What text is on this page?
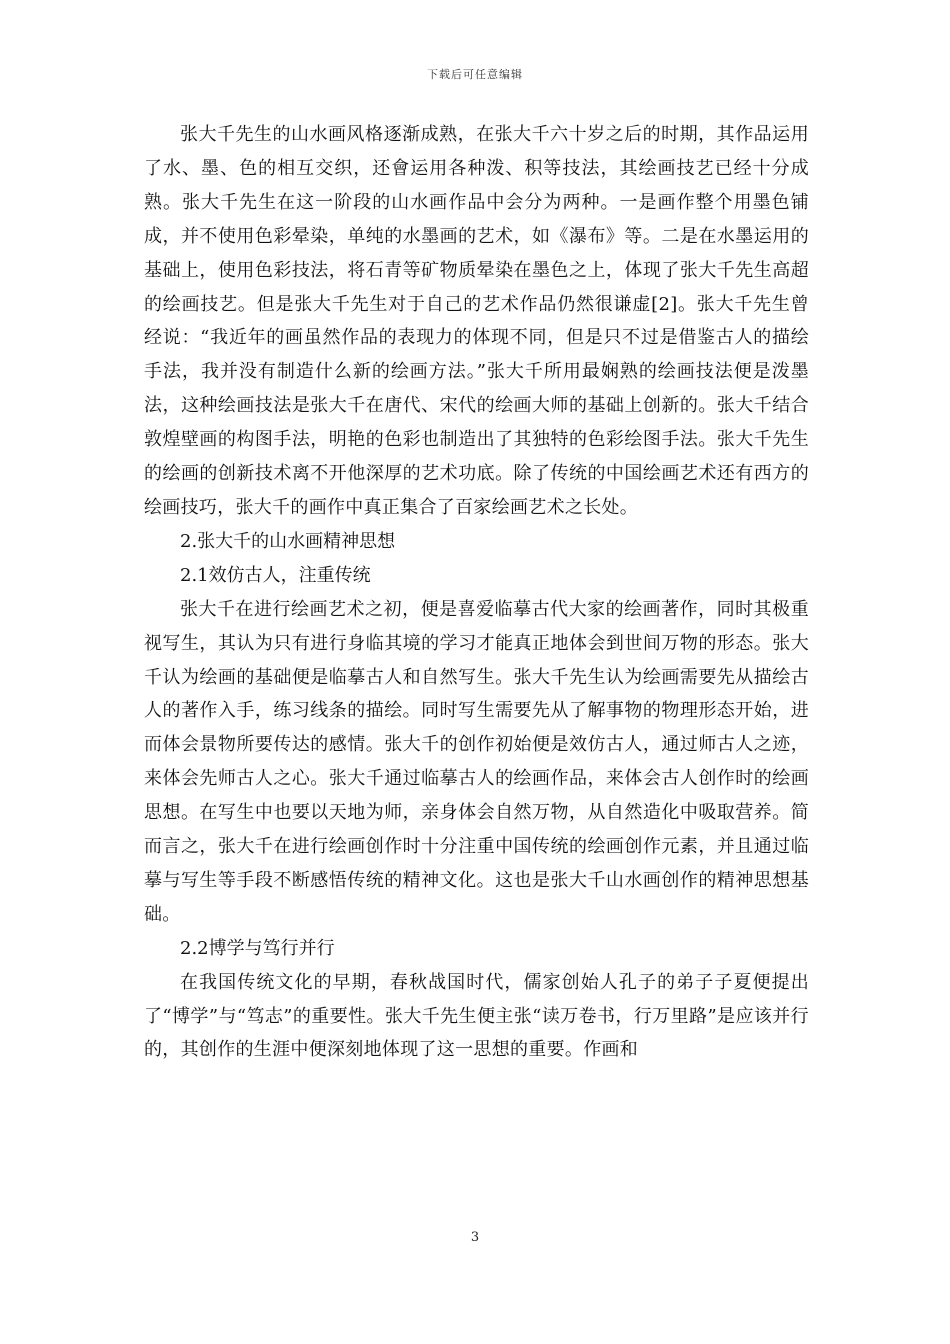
下载后可任意编辑

张大千先生的山水画风格逐渐成熟，在张大千六十岁之后的时期，其作品运用了水、墨、色的相互交织，还會运用各种泼、积等技法，其绘画技艺已经十分成熟。张大千先生在这一阶段的山水画作品中会分为两种。一是画作整个用墨色铺成，并不使用色彩晕染，单纯的水墨画的艺术，如《瀑布》等。二是在水墨运用的基础上，使用色彩技法，将石青等矿物质晕染在墨色之上，体现了张大千先生高超的绘画技艺。但是张大千先生对于自己的艺术作品仍然很谦虚[2]。张大千先生曾经说：“我近年的画虽然作品的表现力的体现不同，但是只不过是借鉴古人的描绘手法，我并没有制造什么新的绘画方法。”张大千所用最娴熟的绘画技法便是泼墨法，这种绘画技法是张大千在唐代、宋代的绘画大师的基础上创新的。张大千结合敦煌壁画的构图手法，明艳的色彩也制造出了其独特的色彩绘图手法。张大千先生的绘画的创新技术离不开他深厚的艺术功底。除了传统的中国绘画艺术还有西方的绘画技巧，张大千的画作中真正集合了百家绘画艺术之长处。

2.张大千的山水画精神思想

2.1效仿古人，注重传统

张大千在进行绘画艺术之初，便是喜爱临摹古代大家的绘画著作，同时其极重视写生，其认为只有进行身临其境的学习才能真正地体会到世间万物的形态。张大千认为绘画的基础便是临摹古人和自然写生。张大千先生认为绘画需要先从描绘古人的著作入手，练习线条的描绘。同时写生需要先从了解事物的物理形态开始，进而体会景物所要传达的感情。张大千的创作初始便是效仿古人，通过师古人之迹，来体会先师古人之心。张大千通过临摹古人的绘画作品，来体会古人创作时的绘画思想。在写生中也要以天地为师，亲身体会自然万物，从自然造化中吸取营养。简而言之，张大千在进行绘画创作时十分注重中国传统的绘画创作元素，并且通过临摹与写生等手段不断感悟传统的精神文化。这也是张大千山水画创作的精神思想基础。

2.2博学与笃行并行

在我国传统文化的早期，春秋战国时代，儒家创始人孔子的弟子子夏便提出了“博学”与“笃志”的重要性。张大千先生便主张“读万卷书，行万里路”是应该并行的，其创作的生涯中便深刻地体现了这一思想的重要。作画和

3
